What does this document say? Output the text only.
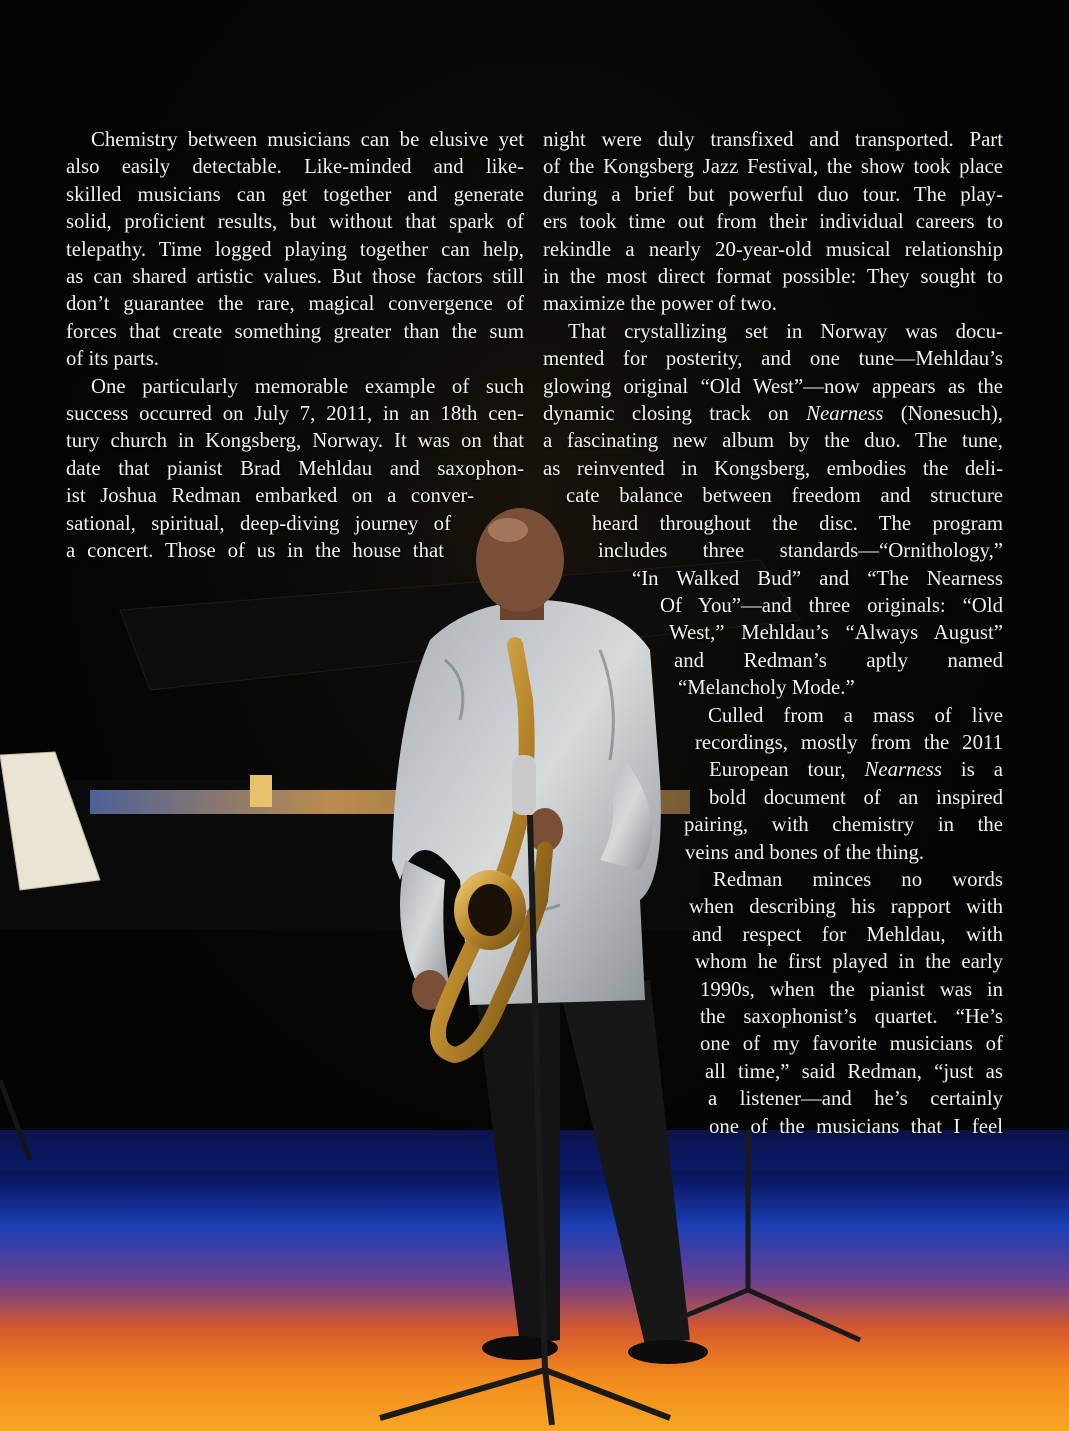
Chemistry between musicians can be elusive yet
also easily detectable. Like-minded and like-
skilled musicians can get together and generate
solid, proficient results, but without that spark of
telepathy. Time logged playing together can help,
as can shared artistic values. But those factors still
don’t guarantee the rare, magical convergence of
forces that create something greater than the sum
of its parts.
One particularly memorable example of such
success occurred on July 7, 2011, in an 18th cen-
tury church in Kongsberg, Norway. It was on that
date that pianist Brad Mehldau and saxophon-
ist Joshua Redman embarked on a conver-
sational, spiritual, deep-diving journey of
a concert. Those of us in the house that
night were duly transfixed and transported. Part
of the Kongsberg Jazz Festival, the show took place
during a brief but powerful duo tour. The play-
ers took time out from their individual careers to
rekindle a nearly 20-year-old musical relationship
in the most direct format possible: They sought to
maximize the power of two.
That crystallizing set in Norway was docu-
mented for posterity, and one tune—Mehldau’s
glowing original “Old West”—now appears as the
dynamic closing track on Nearness (Nonesuch),
a fascinating new album by the duo. The tune,
as reinvented in Kongsberg, embodies the deli-
cate balance between freedom and structure
heard throughout the disc. The program
includes three standards—“Ornithology,”
“In Walked Bud” and “The Nearness
Of You”—and three originals: “Old
West,” Mehldau’s “Always August”
and Redman’s aptly named
“Melancholy Mode.”
Culled from a mass of live
recordings, mostly from the 2011
European tour, Nearness is a
bold document of an inspired
pairing, with chemistry in the
veins and bones of the thing.
Redman minces no words
when describing his rapport with
and respect for Mehldau, with
whom he first played in the early
1990s, when the pianist was in
the saxophonist’s quartet. “He’s
one of my favorite musicians of
all time,” said Redman, “just as
a listener—and he’s certainly
one of the musicians that I feel
